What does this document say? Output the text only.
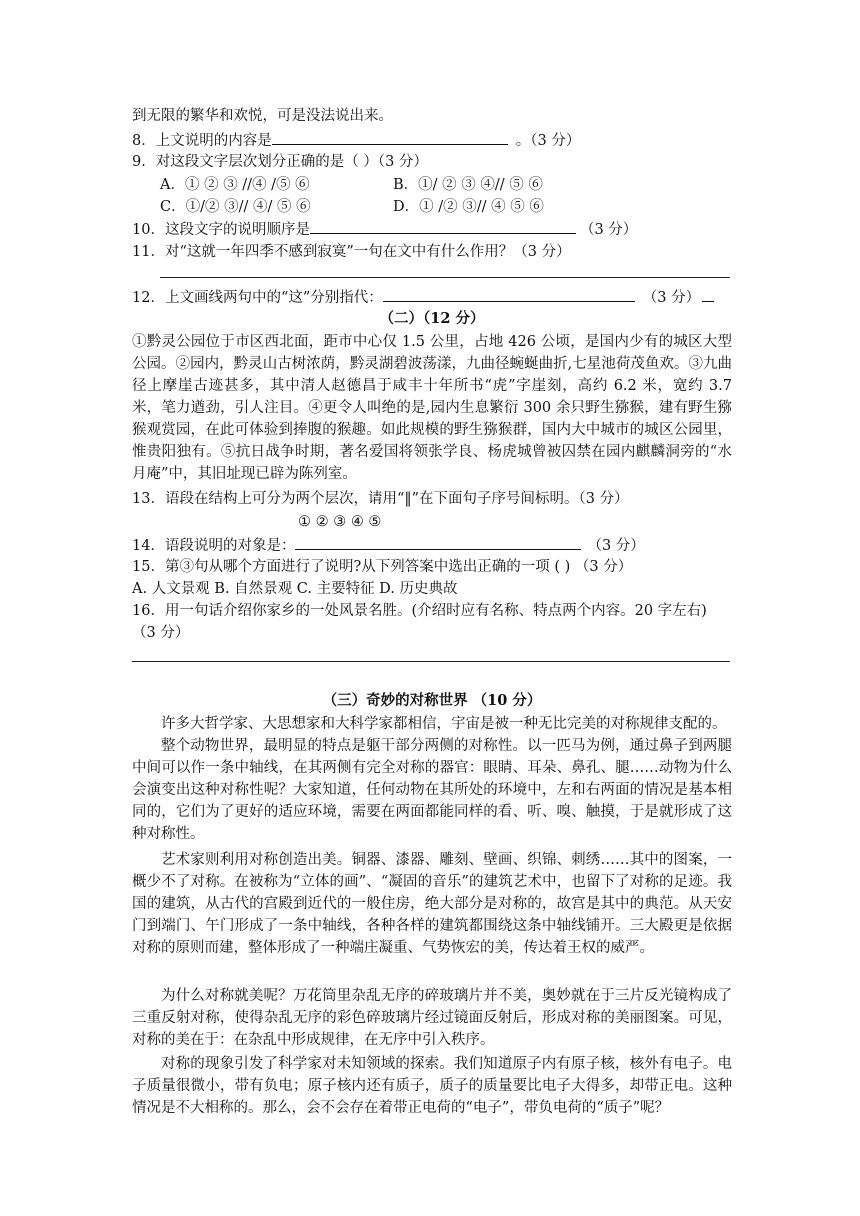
到无限的繁华和欢悦，可是没法说出来。
8．上文说明的内容是	。（3 分）
9．对这段文字层次划分正确的是（ ）（3 分）
A．① ② ③ //④ /⑤ ⑥	B．①/ ② ③ ④// ⑤ ⑥
C．①/② ③// ④/ ⑤ ⑥	D．① /② ③// ④ ⑤ ⑥
10．这段文字的说明顺序是	（3 分）
11．对“这就一年四季不感到寂寞”一句在文中有什么作用？（3 分）
12．上文画线两句中的“这”分别指代：	（3 分）
（二）（12 分）
①黔灵公园位于市区西北面，距市中心仅 1.5 公里，占地 426 公顷，是国内少有的城区大型公园。②园内，黔灵山古树浓荫，黔灵湖碧波荡漾，九曲径蜿蜒曲折,七星池荷茂鱼欢。③九曲径上摩崖古迹甚多，其中清人赵德昌于咸丰十年所书“虎”字崖刻，高约 6.2 米，宽约 3.7 米，笔力遒劲，引人注目。④更令人叫绝的是,园内生息繁衍 300 余只野生猕猴，建有野生猕猴观赏园，在此可体验到捧腹的猴趣。如此规模的野生猕猴群，国内大中城市的城区公园里，惟贵阳独有。⑤抗日战争时期，著名爱国将领张学良、杨虎城曾被囚禁在园内麒麟洞旁的“水月庵”中，其旧址现已辟为陈列室。
13．语段在结构上可分为两个层次，请用“‖”在下面句子序号间标明。（3 分）
① ② ③ ④ ⑤
14．语段说明的对象是：	（3 分）
15．第③句从哪个方面进行了说明?从下列答案中选出正确的一项 ( ) （3 分）
A. 人文景观 B. 自然景观 C. 主要特征 D. 历史典故
16．用一句话介绍你家乡的一处风景名胜。(介绍时应有名称、特点两个内容。20 字左右)
（3 分）
（三）奇妙的对称世界 （10 分）
许多大哲学家、大思想家和大科学家都相信，宇宙是被一种无比完美的对称规律支配的。
整个动物世界，最明显的特点是躯干部分两侧的对称性。以一匹马为例，通过鼻子到两腿中间可以作一条中轴线，在其两侧有完全对称的器官：眼睛、耳朵、鼻孔、腿……动物为什么会演变出这种对称性呢？大家知道，任何动物在其所处的环境中，左和右两面的情况是基本相同的，它们为了更好的适应环境，需要在两面都能同样的看、听、嗅、触摸，于是就形成了这种对称性。
艺术家则利用对称创造出美。铜器、漆器、雕刻、壁画、织锦、刺绣……其中的图案，一概少不了对称。在被称为“立体的画”、“凝固的音乐”的建筑艺术中，也留下了对称的足迹。我国的建筑，从古代的宫殿到近代的一般住房，绝大部分是对称的，故宫是其中的典范。从天安门到端门、午门形成了一条中轴线，各种各样的建筑都围绕这条中轴线铺开。三大殿更是依据对称的原则而建，整体形成了一种端庄凝重、气势恢宏的美，传达着王权的威严。
为什么对称就美呢？万花筒里杂乱无序的碎玻璃片并不美，奥妙就在于三片反光镜构成了三重反射对称，使得杂乱无序的彩色碎玻璃片经过镜面反射后，形成对称的美丽图案。可见，对称的美在于：在杂乱中形成规律，在无序中引入秩序。
对称的现象引发了科学家对未知领域的探索。我们知道原子内有原子核，核外有电子。电子质量很微小，带有负电；原子核内还有质子，质子的质量要比电子大得多，却带正电。这种情况是不大相称的。那么，会不会存在着带正电荷的“电子”，带负电荷的“质子”呢？
